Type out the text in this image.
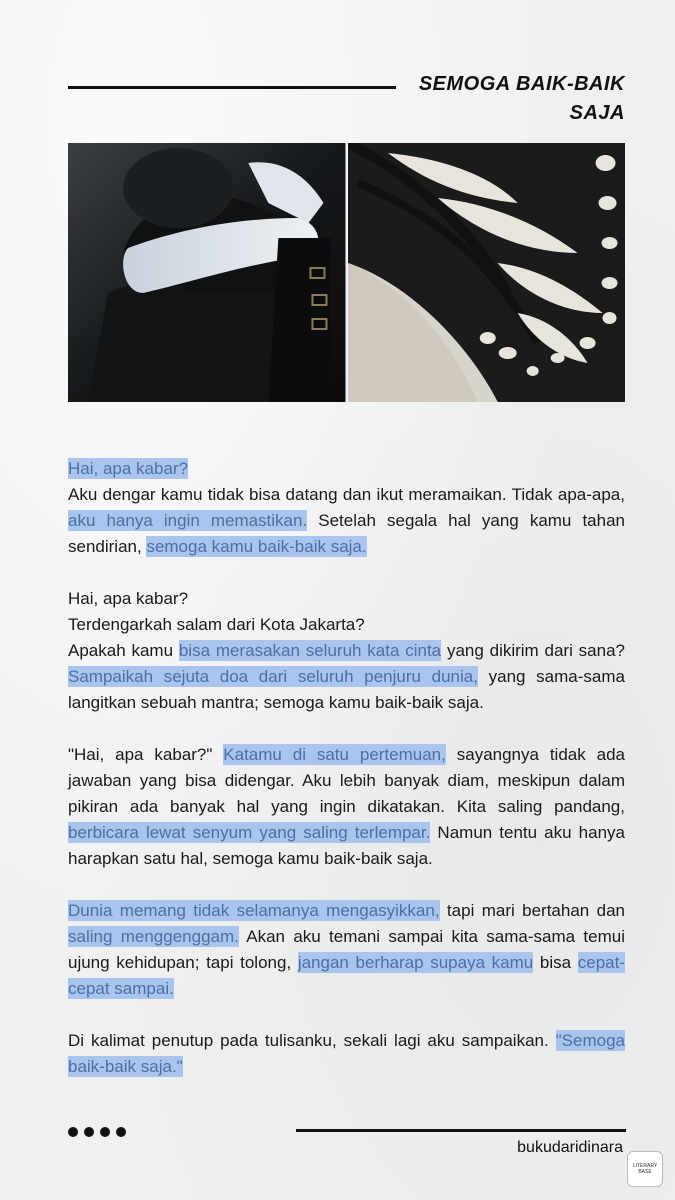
SEMOGA BAIK-BAIK SAJA

Hai, apa kabar?
Aku dengar kamu tidak bisa datang dan ikut meramaikan. Tidak apa-apa, aku hanya ingin memastikan. Setelah segala hal yang kamu tahan sendirian, semoga kamu baik-baik saja.

Hai, apa kabar?
Terdengarkah salam dari Kota Jakarta?
Apakah kamu bisa merasakan seluruh kata cinta yang dikirim dari sana? Sampaikah sejuta doa dari seluruh penjuru dunia, yang sama-sama langitkan sebuah mantra; semoga kamu baik-baik saja.

"Hai, apa kabar?" Katamu di satu pertemuan, sayangnya tidak ada jawaban yang bisa didengar. Aku lebih banyak diam, meskipun dalam pikiran ada banyak hal yang ingin dikatakan. Kita saling pandang, berbicara lewat senyum yang saling terlempar. Namun tentu aku hanya harapkan satu hal, semoga kamu baik-baik saja.

Dunia memang tidak selamanya mengasyikkan, tapi mari bertahan dan saling menggenggam. Akan aku temani sampai kita sama-sama temui ujung kehidupan; tapi tolong, jangan berharap supaya kamu bisa cepat-cepat sampai.

Di kalimat penutup pada tulisanku, sekali lagi aku sampaikan. "Semoga baik-baik saja."

bukudaridinara
LITERARY
BASE
